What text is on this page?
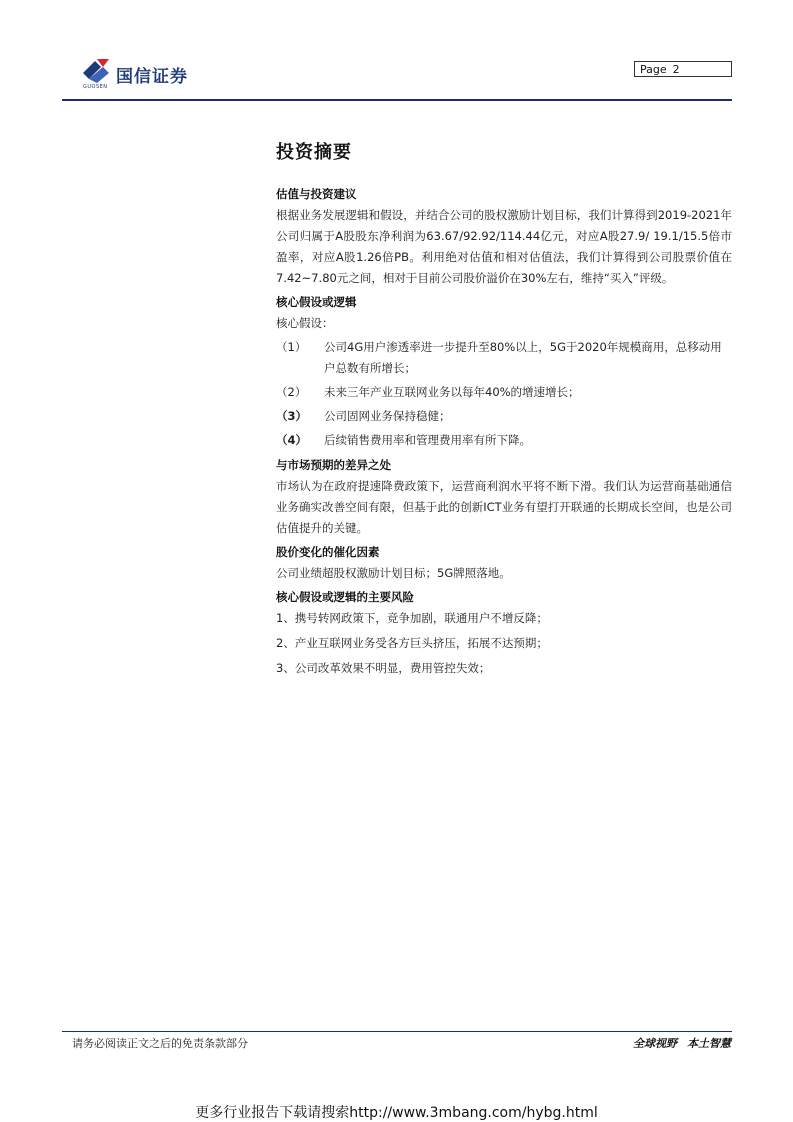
国信证券
GUOSEN
Page 2
投资摘要
估值与投资建议

根据业务发展逻辑和假设，并结合公司的股权激励计划目标，我们计算得到2019-2021年公司归属于A股股东净利润为63.67/92.92/114.44亿元，对应A股27.9/ 19.1/15.5倍市盈率，对应A股1.26倍PB。利用绝对估值和相对估值法，我们计算得到公司股票价值在7.42~7.80元之间，相对于目前公司股价溢价在30%左右，维持“买入”评级。

核心假设或逻辑
核心假设：
（1）	公司4G用户渗透率进一步提升至80%以上，5G于2020年规模商用，总移动用户总数有所增长；
（2）	未来三年产业互联网业务以每年40%的增速增长；
（3）	公司固网业务保持稳健；
（4）	后续销售费用率和管理费用率有所下降。
与市场预期的差异之处

市场认为在政府提速降费政策下，运营商利润水平将不断下滑。我们认为运营商基础通信业务确实改善空间有限，但基于此的创新ICT业务有望打开联通的长期成长空间，也是公司估值提升的关键。

股价变化的催化因素

公司业绩超股权激励计划目标；5G牌照落地。

核心假设或逻辑的主要风险

1、携号转网政策下，竞争加剧，联通用户不增反降；

2、产业互联网业务受各方巨头挤压，拓展不达预期；

3、公司改革效果不明显，费用管控失效；

请务必阅读正文之后的免责条款部分	全球视野 本土智慧
更多行业报告下载请搜索http://www.3mbang.com/hybg.html
